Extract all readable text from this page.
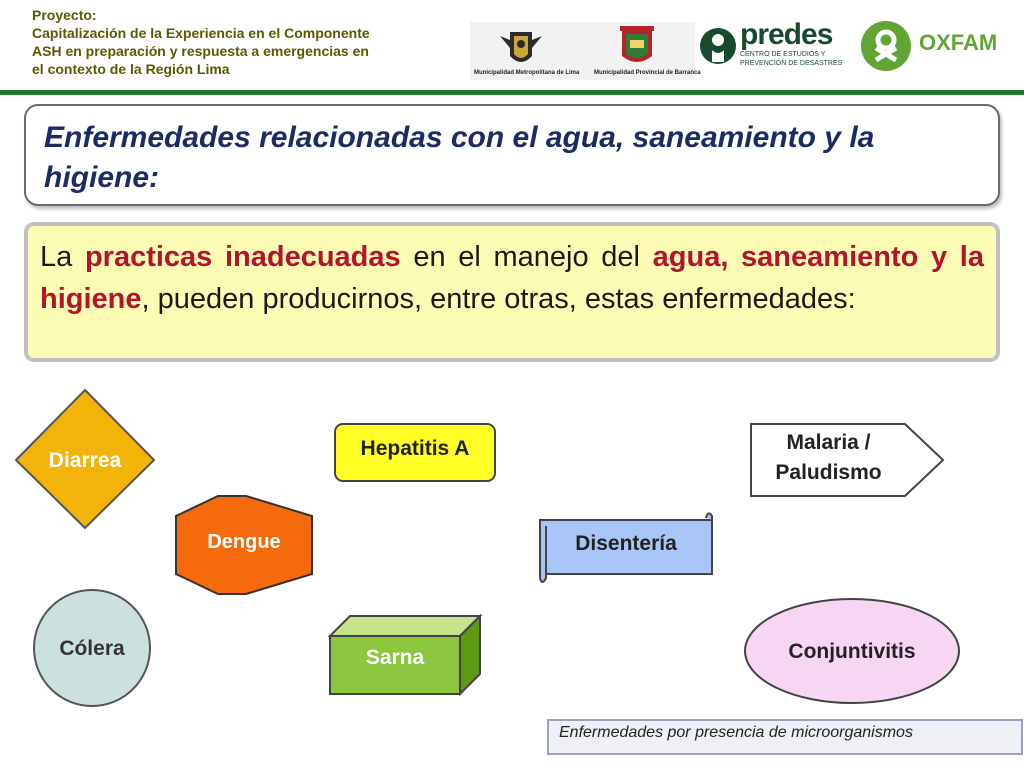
Proyecto:
Capitalización de la Experiencia en el Componente
ASH en preparación y respuesta a emergencias en
el contexto de la Región Lima	Municipalidad Metropolitana de Lima Municipalidad Provincial de Barranca
predes
CENTRO DE ESTUDIOS Y PREVENCIÓN DE DESASTRES
OXFAM
Enfermedades relacionadas con el agua, saneamiento y la higiene:
La practicas inadecuadas en el manejo del agua, saneamiento y la higiene, pueden producirnos, entre otras, estas enfermedades:
Diarrea
Hepatitis A	Malaria /
Paludismo
Dengue	Disentería
Cólera	Sarna	Conjuntivitis
Enfermedades por presencia de microorganismos
